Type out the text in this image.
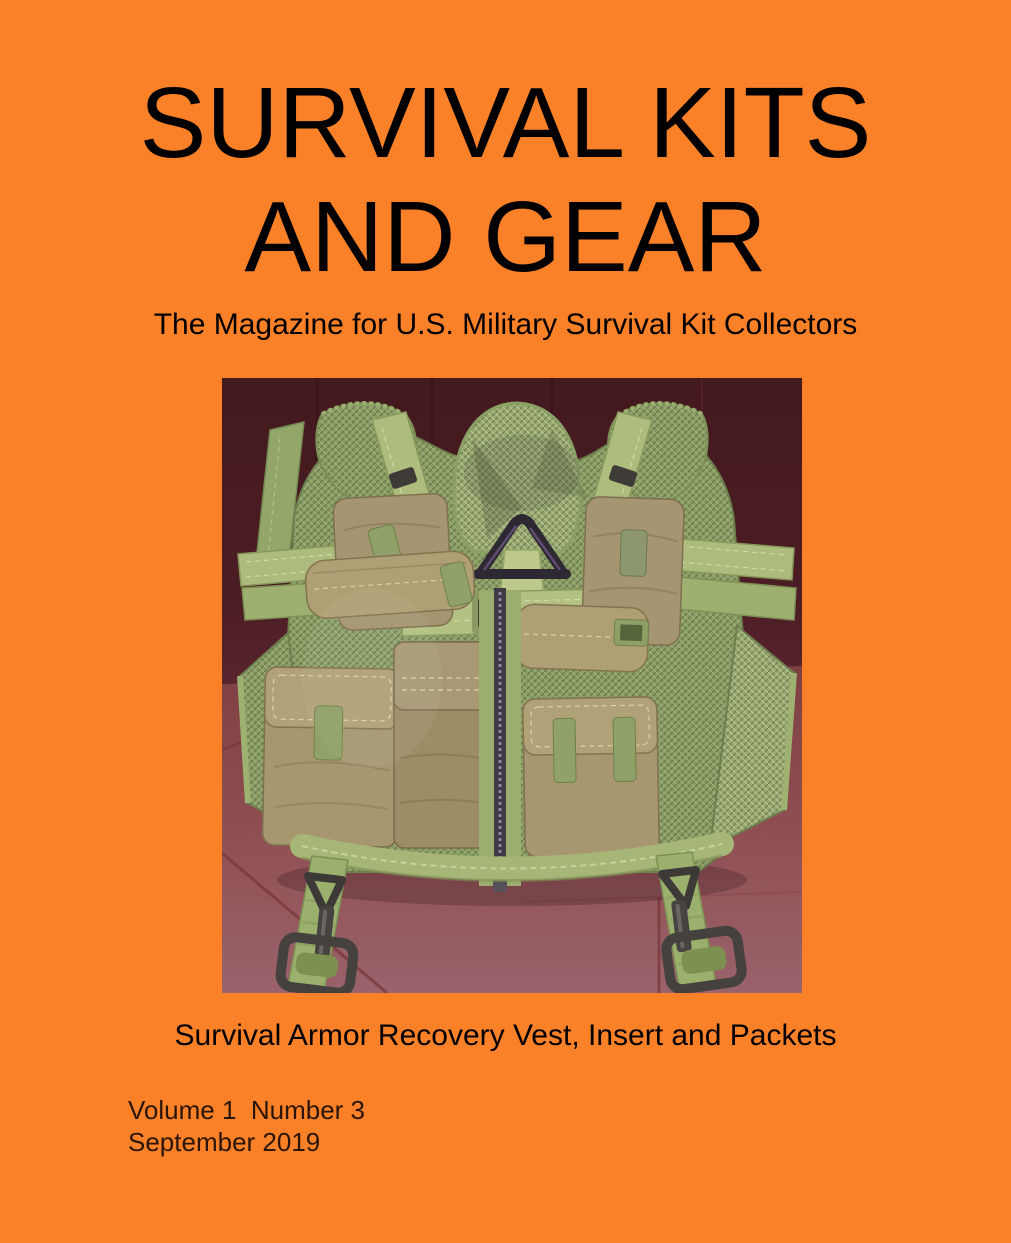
SURVIVAL KITS
AND GEAR

The Magazine for U.S. Military Survival Kit Collectors

Survival Armor Recovery Vest, Insert and Packets

Volume 1  Number 3

September 2019
